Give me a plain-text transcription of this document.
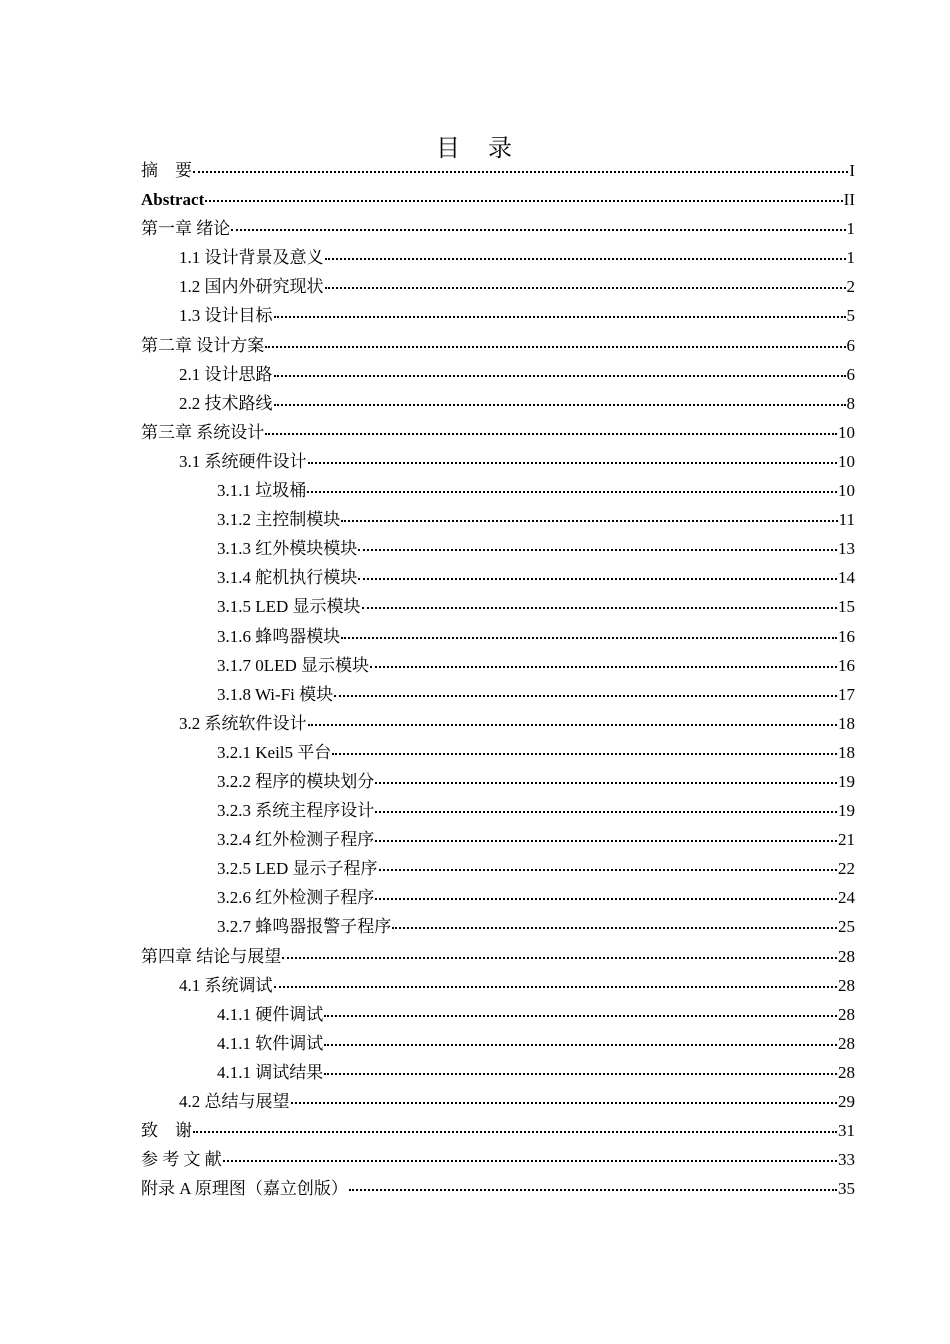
目　录
摘　要	I
Abstract	II
第一章 绪论	1
1.1 设计背景及意义	1
1.2 国内外研究现状	2
1.3 设计目标	5
第二章 设计方案	6
2.1 设计思路	6
2.2 技术路线	8
第三章 系统设计	10
3.1 系统硬件设计	10
3.1.1 垃圾桶	10
3.1.2 主控制模块	11
3.1.3 红外模块模块	13
3.1.4 舵机执行模块	14
3.1.5 LED 显示模块	15
3.1.6 蜂鸣器模块	16
3.1.7 0LED 显示模块	16
3.1.8 Wi-Fi 模块	17
3.2 系统软件设计	18
3.2.1 Keil5 平台	18
3.2.2 程序的模块划分	19
3.2.3 系统主程序设计	19
3.2.4 红外检测子程序	21
3.2.5 LED 显示子程序	22
3.2.6 红外检测子程序	24
3.2.7 蜂鸣器报警子程序	25
第四章 结论与展望	28
4.1 系统调试	28
4.1.1 硬件调试	28
4.1.1 软件调试	28
4.1.1 调试结果	28
4.2 总结与展望	29
致　谢	31
参 考 文 献	33
附录 A 原理图（嘉立创版）	35
